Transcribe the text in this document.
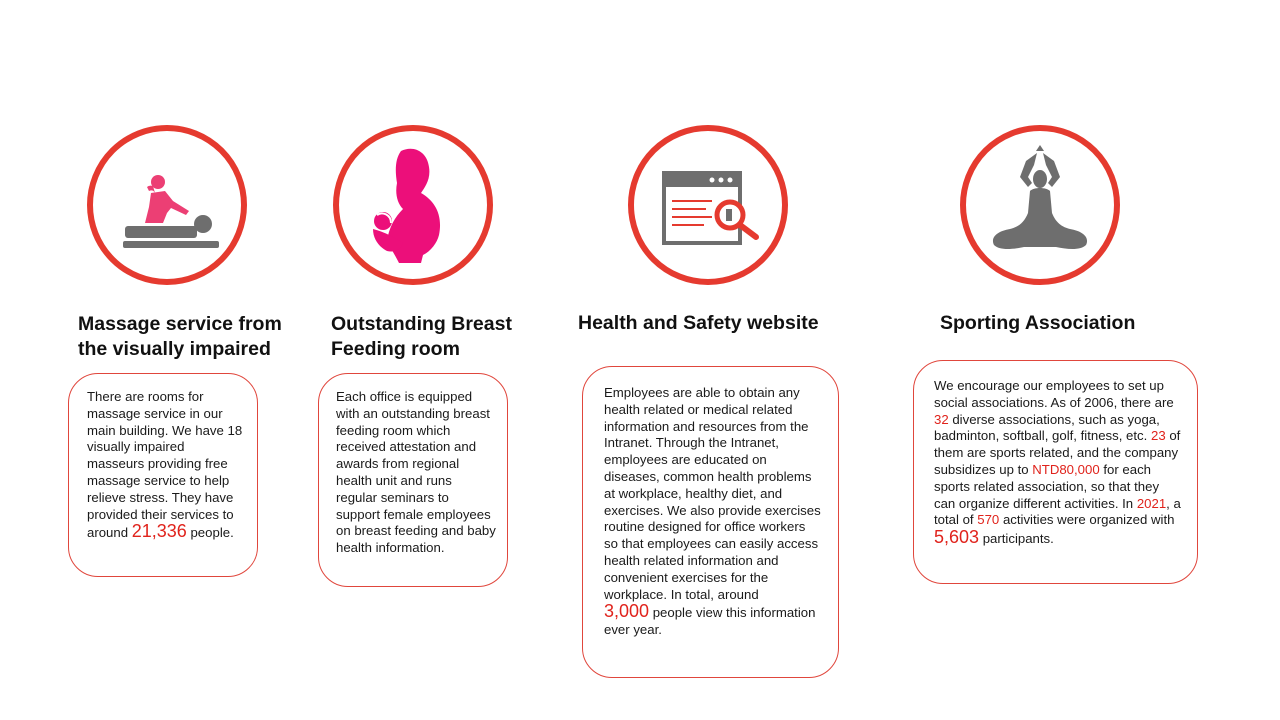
Massage service from
the visually impaired
There are rooms for massage service in our main building. We have 18 visually impaired masseurs providing free massage service to help relieve stress. They have provided their services to around 21,336 people.
Outstanding Breast
Feeding room
Each office is equipped with an outstanding breast feeding room which received attestation and awards from regional health unit and runs regular seminars to support female employees on breast feeding and baby health information.
Health and Safety website
Employees are able to obtain any health related or medical related information and resources from the Intranet. Through the Intranet, employees are educated on diseases, common health problems at workplace, healthy diet, and exercises. We also provide exercises routine designed for office workers so that employees can easily access health related information and convenient exercises for the workplace. In total, around
3,000 people view this information ever year.
Sporting Association
We encourage our employees to set up social associations. As of 2006, there are 32 diverse associations, such as yoga, badminton, softball, golf, fitness, etc. 23 of them are sports related, and the company subsidizes up to NTD80,000 for each sports related association, so that they can organize different activities. In 2021, a total of 570 activities were organized with 5,603 participants.
